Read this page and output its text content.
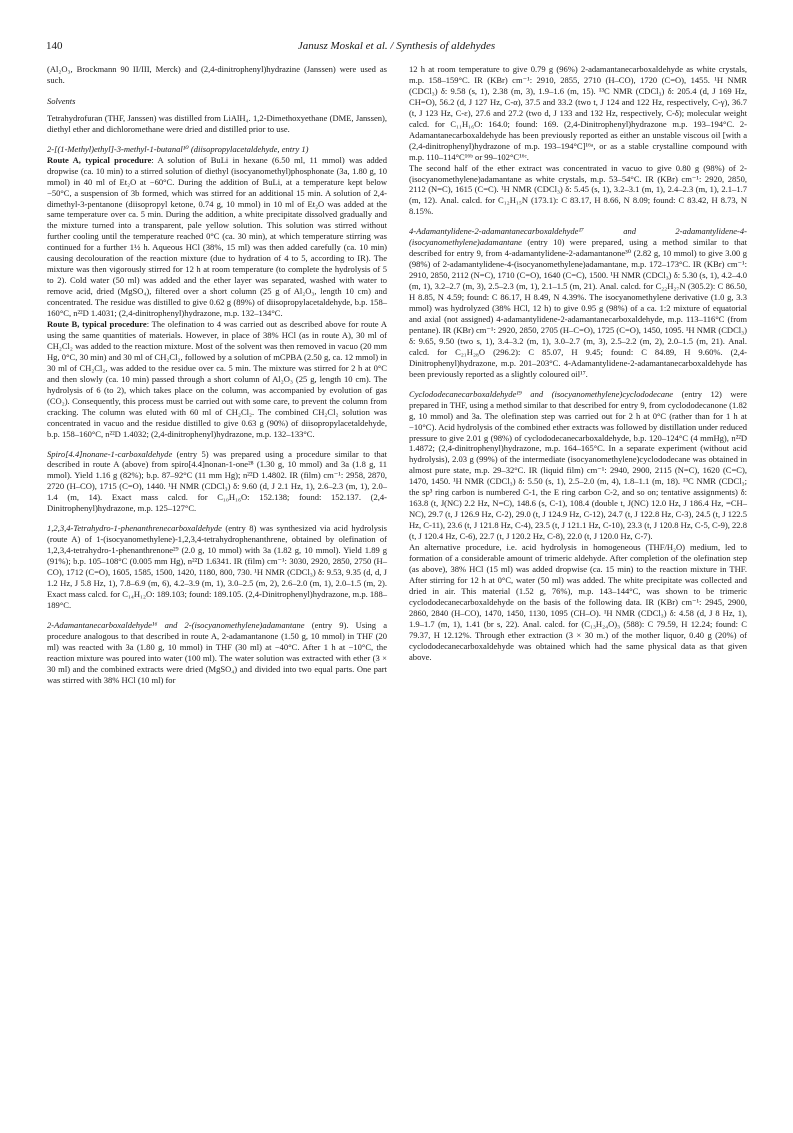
140	Janusz Moskal et al. / Synthesis of aldehydes

(Al₂O₃, Brockmann 90 II/III, Merck) and (2,4-dinitrophenyl)hydrazine (Janssen) were used as such.

Solvents

Tetrahydrofuran (THF, Janssen) was distilled from LiAlH₄. 1,2-Dimethoxyethane (DME, Janssen), diethyl ether and dichloromethane were dried and distilled prior to use.

2-[(1-Methyl)ethyl]-3-methyl-1-butanal¹⁰ (diisopropylacetaldehyde, entry 1)

Route A, typical procedure: A solution of BuLi in hexane (6.50 ml, 11 mmol) was added dropwise (ca. 10 min) to a stirred solution of diethyl (isocyanomethyl)phosphonate (3a, 1.80 g, 10 mmol) in 40 ml of Et₂O at −60°C. During the addition of BuLi, at a temperature kept below −50°C, a suspension of 3b formed, which was stirred for an additional 15 min. A solution of 2,4-dimethyl-3-pentanone (diisopropyl ketone, 0.74 g, 10 mmol) in 10 ml of Et₂O was added at the same temperature over ca. 5 min. During the addition, a white precipitate dissolved gradually and the mixture turned into a transparent, pale yellow solution. This solution was stirred without further cooling until the temperature reached 0°C (ca. 30 min), at which temperature stirring was continued for a further 1½ h. Aqueous HCl (38%, 15 ml) was then added carefully (ca. 10 min) causing decolouration of the reaction mixture (due to hydration of 4 to 5, according to IR). The mixture was then vigorously stirred for 12 h at room temperature (to complete the hydrolysis of 5 to 2). Cold water (50 ml) was added and the ether layer was separated, washed with water to remove acid, dried (MgSO₄), filtered over a short column (25 g of Al₂O₃, length 10 cm) and concentrated. The residue was distilled to give 0.62 g (89%) of diisopropylacetaldehyde, b.p. 158–160°C, n²²D 1.4031; (2,4-dinitrophenyl)hydrazone, m.p. 132–134°C.

Route B, typical procedure: The olefination to 4 was carried out as described above for route A using the same quantities of materials. However, in place of 38% HCl (as in route A), 30 ml of CH₂Cl₂ was added to the reaction mixture. Most of the solvent was then removed in vacuo (20 mm Hg, 0°C, 30 min) and 30 ml of CH₂Cl₂, followed by a solution of mCPBA (2.50 g, ca. 12 mmol) in 30 ml of CH₂Cl₂, was added to the residue over ca. 5 min. The mixture was stirred for 2 h at 0°C and then slowly (ca. 10 min) passed through a short column of Al₂O₃ (25 g, length 10 cm). The hydrolysis of 6 (to 2), which takes place on the column, was accompanied by evolution of gas (CO₂). Consequently, this process must be carried out with some care, to prevent the column from cracking. The column was eluted with 60 ml of CH₂Cl₂. The combined CH₂Cl₂ solution was concentrated in vacuo and the residue distilled to give 0.63 g (90%) of diisopropylacetaldehyde, b.p. 158–160°C, n²²D 1.4032; (2,4-dinitrophenyl)hydrazone, m.p. 132–133°C.

Spiro[4.4]nonane-1-carboxaldehyde (entry 5) was prepared using a procedure similar to that described in route A (above) from spiro[4.4]nonan-1-one²⁸ (1.30 g, 10 mmol) and 3a (1.8 g, 11 mmol). Yield 1.16 g (82%); b.p. 87–92°C (11 mm Hg); n²²D 1.4802. IR (film) cm⁻¹: 2958, 2870, 2720 (H–CO), 1715 (C=O), 1440. ¹H NMR (CDCl₃) δ: 9.60 (d, J 2.1 Hz, 1), 2.6–2.3 (m, 1), 2.0–1.4 (m, 14). Exact mass calcd. for C₁₀H₁₆O: 152.138; found: 152.137. (2,4-Dinitrophenyl)hydrazone, m.p. 125–127°C.

1,2,3,4-Tetrahydro-1-phenanthrenecarboxaldehyde (entry 8) was synthesized via acid hydrolysis (route A) of 1-(isocyanomethylene)-1,2,3,4-tetrahydrophenanthrene, obtained by olefination of 1,2,3,4-tetrahydro-1-phenanthrenone²⁹ (2.0 g, 10 mmol) with 3a (1.82 g, 10 mmol). Yield 1.89 g (91%); b.p. 105–108°C (0.005 mm Hg), n²²D 1.6341. IR (film) cm⁻¹: 3030, 2920, 2850, 2750 (H–CO), 1712 (C=O), 1605, 1585, 1500, 1420, 1180, 800, 730. ¹H NMR (CDCl₃) δ: 9.53, 9.35 (d, d, J 1.2 Hz, J 5.8 Hz, 1), 7.8–6.9 (m, 6), 4.2–3.9 (m, 1), 3.0–2.5 (m, 2), 2.6–2.0 (m, 1), 2.0–1.5 (m, 2). Exact mass calcd. for C₁₄H₁₂O: 189.103; found: 189.105. (2,4-Dinitrophenyl)hydrazone, m.p. 188–189°C.

2-Adamantanecarboxaldehyde¹⁶ and 2-(isocyanomethylene)adamantane (entry 9). Using a procedure analogous to that described in route A, 2-adamantanone (1.50 g, 10 mmol) in THF (20 ml) was reacted with 3a (1.80 g, 10 mmol) in THF (30 ml) at −40°C. After 1 h at −10°C, the reaction mixture was poured into water (100 ml). The water solution was extracted with ether (3 × 30 ml) and the combined extracts were dried (MgSO₄) and divided into two equal parts. One part was stirred with 38% HCl (10 ml) for

12 h at room temperature to give 0.79 g (96%) 2-adamantanecarboxaldehyde as white crystals, m.p. 158–159°C. IR (KBr) cm⁻¹: 2910, 2855, 2710 (H–CO), 1720 (C=O), 1455. ¹H NMR (CDCl₃) δ: 9.58 (s, 1), 2.38 (m, 3), 1.9–1.6 (m, 15). ¹³C NMR (CDCl₃) δ: 205.4 (d, J 169 Hz, CH=O), 56.2 (d, J 127 Hz, C-α), 37.5 and 33.2 (two t, J 124 and 122 Hz, respectively, C-γ), 36.7 (t, J 123 Hz, C-ε), 27.6 and 27.2 (two d, J 133 and 132 Hz, respectively, C-δ); molecular weight calcd. for C₁₁H₁₆O: 164.0; found: 169. (2,4-Dinitrophenyl)hydrazone m.p. 193–194°C. 2-Adamantanecarboxaldehyde has been previously reported as either an unstable viscous oil [with a (2,4-dinitrophenyl)hydrazone of m.p. 193–194°C]¹⁶ᵃ, or as a stable crystalline compound with m.p. 110–114°C¹⁶ᵇ or 99–102°C¹⁶ᶜ.

The second half of the ether extract was concentrated in vacuo to give 0.80 g (98%) of 2-(isocyanomethylene)adamantane as white crystals, m.p. 53–54°C. IR (KBr) cm⁻¹: 2920, 2850, 2112 (N=C), 1615 (C=C). ¹H NMR (CDCl₃) δ: 5.45 (s, 1), 3.2–3.1 (m, 1), 2.4–2.3 (m, 1), 2.1–1.7 (m, 12). Anal. calcd. for C₁₂H₁₅N (173.1): C 83.17, H 8.66, N 8.09; found: C 83.42, H 8.73, N 8.15%.

4-Adamantylidene-2-adamantanecarboxaldehyde¹⁷ and 2-adamantylidene-4-(isocyanomethylene)adamantane (entry 10) were prepared, using a method similar to that described for entry 9, from 4-adamantylidene-2-adamantanone³⁰ (2.82 g, 10 mmol) to give 3.00 g (98%) of 2-adamantylidene-4-(isocyanomethylene)adamantane, m.p. 172–173°C. IR (KBr) cm⁻¹: 2910, 2850, 2112 (N=C), 1710 (C=O), 1640 (C=C), 1500. ¹H NMR (CDCl₃) δ: 5.30 (s, 1), 4.2–4.0 (m, 1), 3.2–2.7 (m, 3), 2.5–2.3 (m, 1), 2.1–1.5 (m, 21). Anal. calcd. for C₂₂H₂₇N (305.2): C 86.50, H 8.85, N 4.59; found: C 86.17, H 8.49, N 4.39%. The isocyanomethylene derivative (1.0 g, 3.3 mmol) was hydrolyzed (38% HCl, 12 h) to give 0.95 g (98%) of a ca. 1:2 mixture of equatorial and axial (not assigned) 4-adamantylidene-2-adamantanecarboxaldehyde, m.p. 113–116°C (from pentane). IR (KBr) cm⁻¹: 2920, 2850, 2705 (H–C=O), 1725 (C=O), 1450, 1095. ¹H NMR (CDCl₃) δ: 9.65, 9.50 (two s, 1), 3.4–3.2 (m, 1), 3.0–2.7 (m, 3), 2.5–2.2 (m, 2), 2.0–1.5 (m, 21). Anal. calcd. for C₂₁H₂₈O (296.2): C 85.07, H 9.45; found: C 84.89, H 9.60%. (2,4-Dinitrophenyl)hydrazone, m.p. 201–203°C. 4-Adamantylidene-2-adamantanecarboxaldehyde has been previously reported as a slightly coloured oil¹⁷.

Cyclododecanecarboxaldehyde¹⁹ and (isocyanomethylene)cyclododecane (entry 12) were prepared in THF, using a method similar to that described for entry 9, from cyclododecanone (1.82 g, 10 mmol) and 3a. The olefination step was carried out for 2 h at 0°C (rather than for 1 h at −10°C). Acid hydrolysis of the combined ether extracts was followed by distillation under reduced pressure to give 2.01 g (98%) of cyclododecanecarboxaldehyde, b.p. 120–124°C (4 mmHg), n²²D 1.4872; (2,4-dinitrophenyl)hydrazone, m.p. 164–165°C. In a separate experiment (without acid hydrolysis), 2.03 g (99%) of the intermediate (isocyanomethylene)cyclododecane was obtained in almost pure state, m.p. 29–32°C. IR (liquid film) cm⁻¹: 2940, 2900, 2115 (N=C), 1620 (C=C), 1470, 1450. ¹H NMR (CDCl₃) δ: 5.50 (s, 1), 2.5–2.0 (m, 4), 1.8–1.1 (m, 18). ¹³C NMR (CDCl₃; the sp³ ring carbon is numbered C-1, the E ring carbon C-2, and so on; tentative assignments) δ: 163.8 (t, J(NC) 2.2 Hz, N=C), 148.6 (s, C-1), 108.4 (double t, J(NC) 12.0 Hz, J 186.4 Hz, =CH–NC), 29.7 (t, J 126.9 Hz, C-2), 29.0 (t, J 124.9 Hz, C-12), 24.7 (t, J 122.8 Hz, C-3), 24.5 (t, J 122.5 Hz, C-11), 23.6 (t, J 121.8 Hz, C-4), 23.5 (t, J 121.1 Hz, C-10), 23.3 (t, J 120.8 Hz, C-5, C-9), 22.8 (t, J 120.4 Hz, C-6), 22.7 (t, J 120.2 Hz, C-8), 22.0 (t, J 120.0 Hz, C-7).

An alternative procedure, i.e. acid hydrolysis in homogeneous (THF/H₂O) medium, led to formation of a considerable amount of trimeric aldehyde. After completion of the olefination step (as above), 38% HCl (15 ml) was added dropwise (ca. 15 min) to the reaction mixture in THF. After stirring for 12 h at 0°C, water (50 ml) was added. The white precipitate was collected and dried in air. This material (1.52 g, 76%), m.p. 143–144°C, was shown to be trimeric cyclododecanecarboxaldehyde on the basis of the following data. IR (KBr) cm⁻¹: 2945, 2900, 2860, 2840 (H–CO), 1470, 1450, 1130, 1095 (CH–O). ¹H NMR (CDCl₃) δ: 4.58 (d, J 8 Hz, 1), 1.9–1.7 (m, 1), 1.41 (br s, 22). Anal. calcd. for (C₁₃H₂₄O)₃ (588): C 79.59, H 12.24; found: C 79.37, H 12.12%. Through ether extraction (3 × 30 m.) of the mother liquor, 0.40 g (20%) of cyclododecanecarboxaldehyde was obtained which had the same physical data as that given above.
